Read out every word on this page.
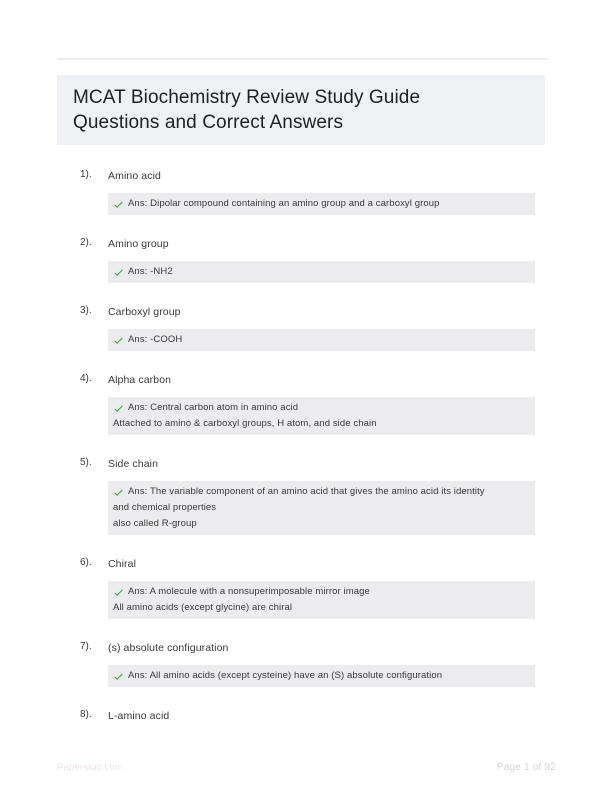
MCAT Biochemistry Review Study Guide
Questions and Correct Answers
1).	Amino acid
Ans: Dipolar compound containing an amino group and a carboxyl group
2).	Amino group
Ans: -NH2
3).	Carboxyl group
Ans: -COOH
4).	Alpha carbon
Ans: Central carbon atom in amino acid
Attached to amino & carboxyl groups, H atom, and side chain
5).	Side chain
Ans: The variable component of an amino acid that gives the amino acid its identity
and chemical properties
also called R-group
6).	Chiral
Ans: A molecule with a nonsuperimposable mirror image
All amino acids (except glycine) are chiral
7).	(s) absolute configuration
Ans: All amino acids (except cysteine) have an (S) absolute configuration
8).	L-amino acid
Paperstoc.com	Page 1 of 92
